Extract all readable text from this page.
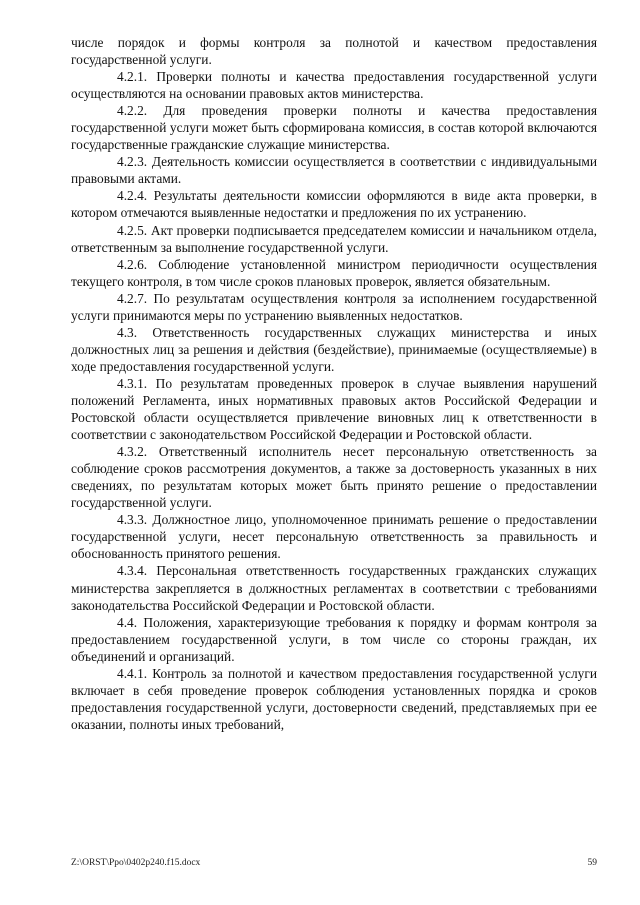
числе порядок и формы контроля за полнотой и качеством предоставления государственной услуги.

4.2.1. Проверки полноты и качества предоставления государственной услуги осуществляются на основании правовых актов министерства.

4.2.2. Для проведения проверки полноты и качества предоставления государственной услуги может быть сформирована комиссия, в состав которой включаются государственные гражданские служащие министерства.

4.2.3. Деятельность комиссии осуществляется в соответствии с индивидуальными правовыми актами.

4.2.4. Результаты деятельности комиссии оформляются в виде акта проверки, в котором отмечаются выявленные недостатки и предложения по их устранению.

4.2.5. Акт проверки подписывается председателем комиссии и начальником отдела, ответственным за выполнение государственной услуги.

4.2.6. Соблюдение установленной министром периодичности осуществления текущего контроля, в том числе сроков плановых проверок, является обязательным.

4.2.7. По результатам осуществления контроля за исполнением государственной услуги принимаются меры по устранению выявленных недостатков.

4.3. Ответственность государственных служащих министерства и иных должностных лиц за решения и действия (бездействие), принимаемые (осуществляемые) в ходе предоставления государственной услуги.

4.3.1. По результатам проведенных проверок в случае выявления нарушений положений Регламента, иных нормативных правовых актов Российской Федерации и Ростовской области осуществляется привлечение виновных лиц к ответственности в соответствии с законодательством Российской Федерации и Ростовской области.

4.3.2. Ответственный исполнитель несет персональную ответственность за соблюдение сроков рассмотрения документов, а также за достоверность указанных в них сведениях, по результатам которых может быть принято решение о предоставлении государственной услуги.

4.3.3. Должностное лицо, уполномоченное принимать решение о предоставлении государственной услуги, несет персональную ответственность за правильность и обоснованность принятого решения.

4.3.4. Персональная ответственность государственных гражданских служащих министерства закрепляется в должностных регламентах в соответствии с требованиями законодательства Российской Федерации и Ростовской области.

4.4. Положения, характеризующие требования к порядку и формам контроля за предоставлением государственной услуги, в том числе со стороны граждан, их объединений и организаций.

4.4.1. Контроль за полнотой и качеством предоставления государственной услуги включает в себя проведение проверок соблюдения установленных порядка и сроков предоставления государственной услуги, достоверности сведений, представляемых при ее оказании, полноты иных требований,

Z:\ORST\Ppo\0402p240.f15.docx	59
